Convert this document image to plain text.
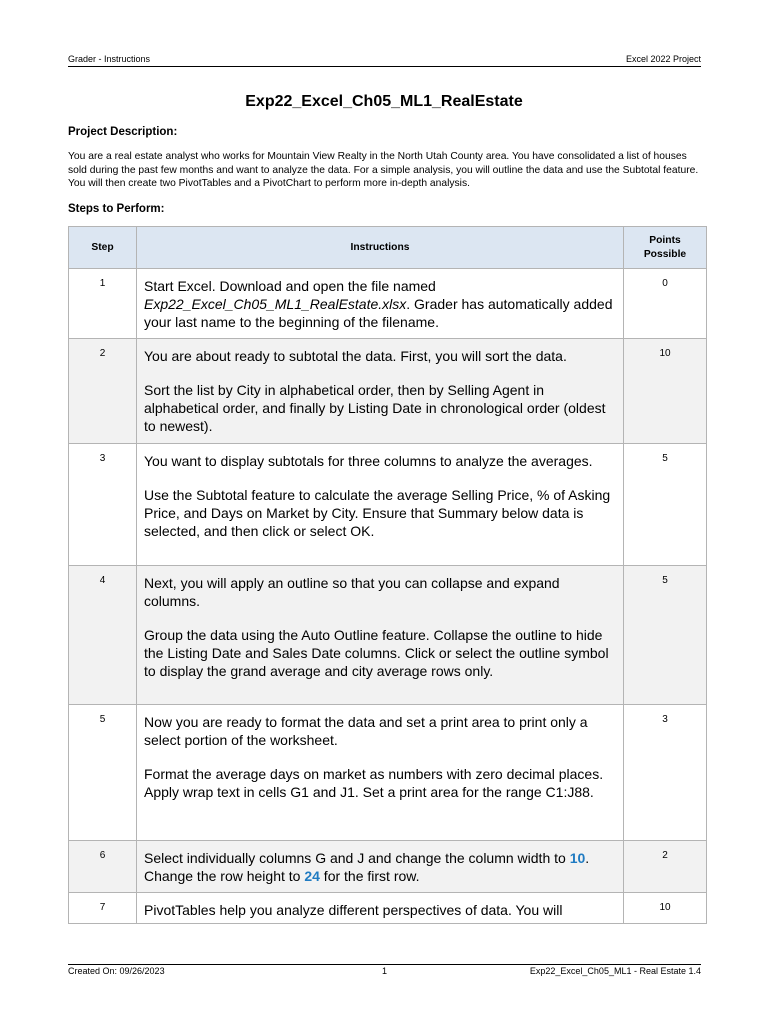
Grader - Instructions	Excel 2022 Project
Exp22_Excel_Ch05_ML1_RealEstate
Project Description:
You are a real estate analyst who works for Mountain View Realty in the North Utah County area. You have consolidated a list of houses sold during the past few months and want to analyze the data. For a simple analysis, you will outline the data and use the Subtotal feature. You will then create two PivotTables and a PivotChart to perform more in-depth analysis.
Steps to Perform:
Step	Instructions	Points
Possible
1	Start Excel. Download and open the file named Exp22_Excel_Ch05_ML1_RealEstate.xlsx. Grader has automatically added your last name to the beginning of the filename.	0
2	You are about ready to subtotal the data. First, you will sort the data.

Sort the list by City in alphabetical order, then by Selling Agent in alphabetical order, and finally by Listing Date in chronological order (oldest to newest).	10
3	You want to display subtotals for three columns to analyze the averages.

Use the Subtotal feature to calculate the average Selling Price, % of Asking Price, and Days on Market by City. Ensure that Summary below data is selected, and then click or select OK.	5
4	Next, you will apply an outline so that you can collapse and expand columns.

Group the data using the Auto Outline feature. Collapse the outline to hide the Listing Date and Sales Date columns. Click or select the outline symbol to display the grand average and city average rows only.	5
5	Now you are ready to format the data and set a print area to print only a select portion of the worksheet.

Format the average days on market as numbers with zero decimal places. Apply wrap text in cells G1 and J1. Set a print area for the range C1:J88.	3
6	Select individually columns G and J and change the column width to 10. Change the row height to 24 for the first row.	2
7	PivotTables help you analyze different perspectives of data. You will	10
Created On: 09/26/2023	1	Exp22_Excel_Ch05_ML1 - Real Estate 1.4
